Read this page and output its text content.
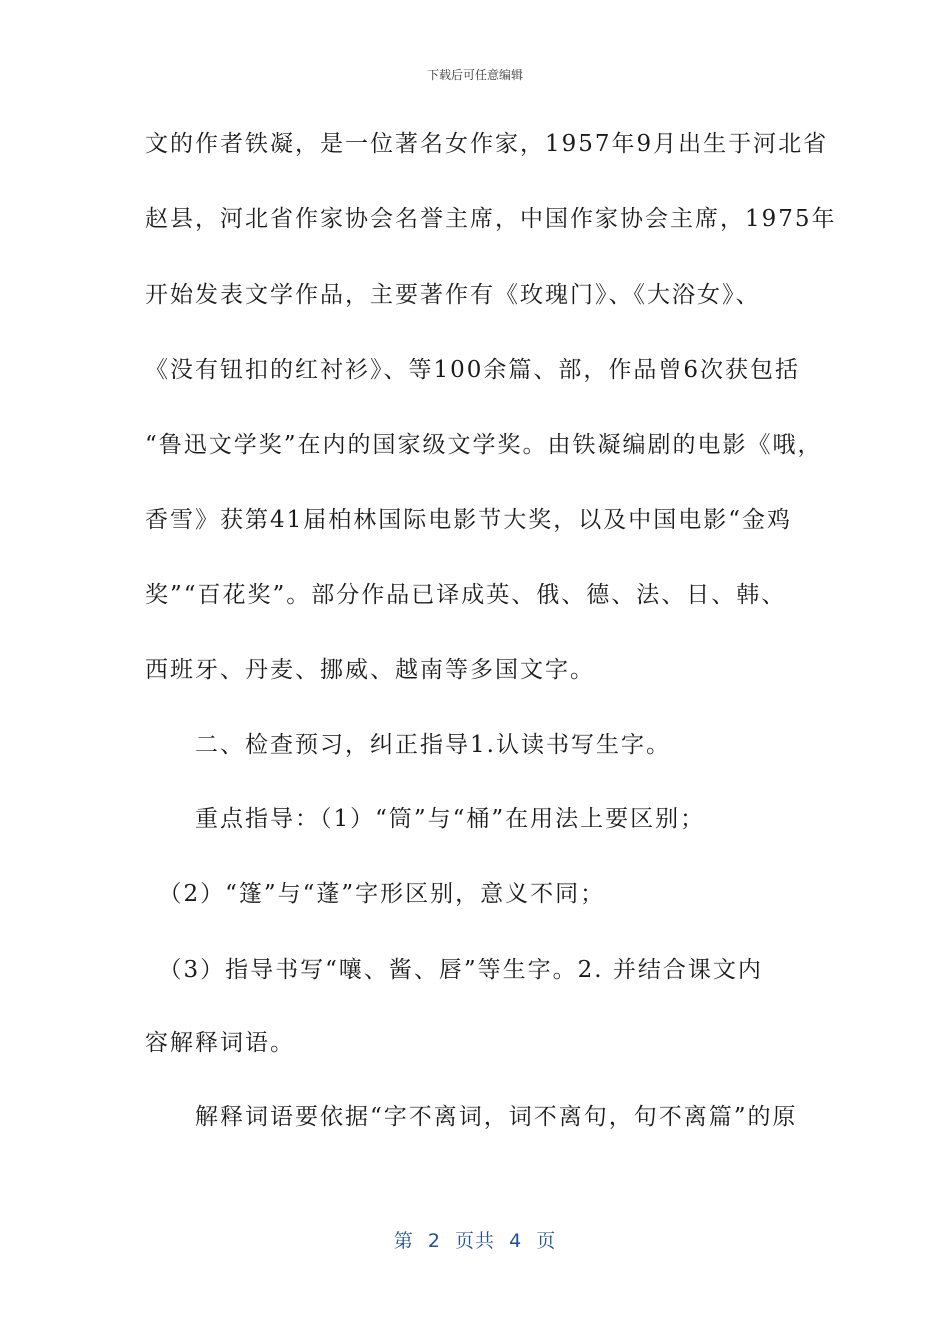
下载后可任意编辑

文的作者铁凝，是一位著名女作家，1957年9月出生于河北省

赵县，河北省作家协会名誉主席，中国作家协会主席，1975年

开始发表文学作品，主要著作有《玫瑰门》、《大浴女》、

《没有钮扣的红衬衫》、等100余篇、部，作品曾6次获包括

“鲁迅文学奖”在内的国家级文学奖。由铁凝编剧的电影《哦，

香雪》获第41届柏林国际电影节大奖，以及中国电影“金鸡

奖”“百花奖”。部分作品已译成英、俄、德、法、日、韩、

西班牙、丹麦、挪威、越南等多国文字。

　　二、检查预习，纠正指导1.认读书写生字。

　　重点指导：（1）“筒”与“桶”在用法上要区别；

　（2）“篷”与“蓬”字形区别，意义不同；

　（3）指导书写“嚷、酱、唇”等生字。2. 并结合课文内

容解释词语。

　　解释词语要依据“字不离词，词不离句，句不离篇”的原

第  2  页共  4  页
